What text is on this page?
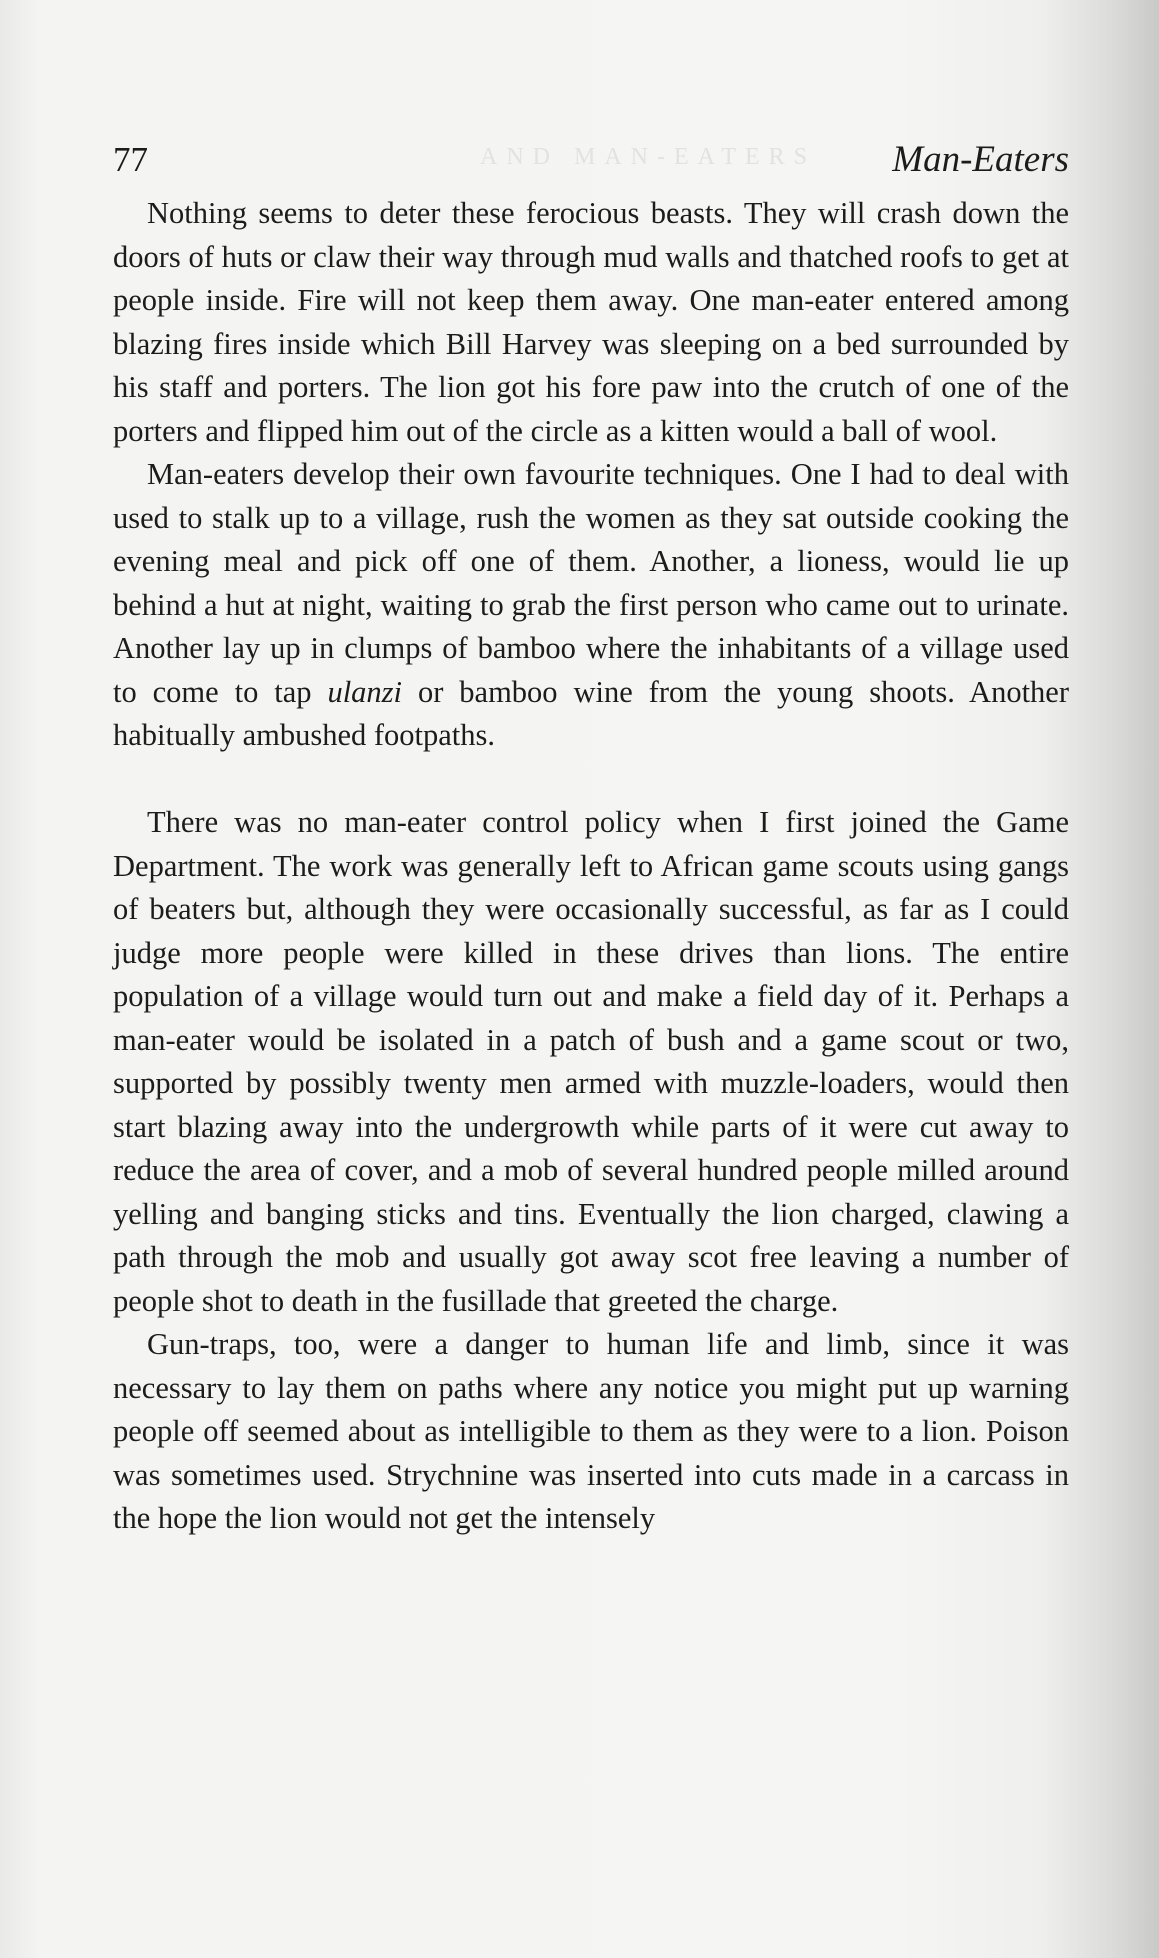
AND MAN-EATERS
77	Man-Eaters

Nothing seems to deter these ferocious beasts. They will crash down the doors of huts or claw their way through mud walls and thatched roofs to get at people inside. Fire will not keep them away. One man-eater entered among blazing fires inside which Bill Harvey was sleeping on a bed surrounded by his staff and porters. The lion got his fore paw into the crutch of one of the porters and flipped him out of the circle as a kitten would a ball of wool.

Man-eaters develop their own favourite techniques. One I had to deal with used to stalk up to a village, rush the women as they sat outside cooking the evening meal and pick off one of them. Another, a lioness, would lie up behind a hut at night, waiting to grab the first person who came out to urinate. Another lay up in clumps of bamboo where the inhabitants of a village used to come to tap ulanzi or bamboo wine from the young shoots. Another habitually ambushed footpaths.

There was no man-eater control policy when I first joined the Game Department. The work was generally left to African game scouts using gangs of beaters but, although they were occasionally successful, as far as I could judge more people were killed in these drives than lions. The entire population of a village would turn out and make a field day of it. Perhaps a man-eater would be isolated in a patch of bush and a game scout or two, supported by possibly twenty men armed with muzzle-loaders, would then start blazing away into the undergrowth while parts of it were cut away to reduce the area of cover, and a mob of several hundred people milled around yelling and banging sticks and tins. Eventually the lion charged, clawing a path through the mob and usually got away scot free leaving a number of people shot to death in the fusillade that greeted the charge.

Gun-traps, too, were a danger to human life and limb, since it was necessary to lay them on paths where any notice you might put up warning people off seemed about as intelligible to them as they were to a lion. Poison was sometimes used. Strychnine was inserted into cuts made in a carcass in the hope the lion would not get the intensely
